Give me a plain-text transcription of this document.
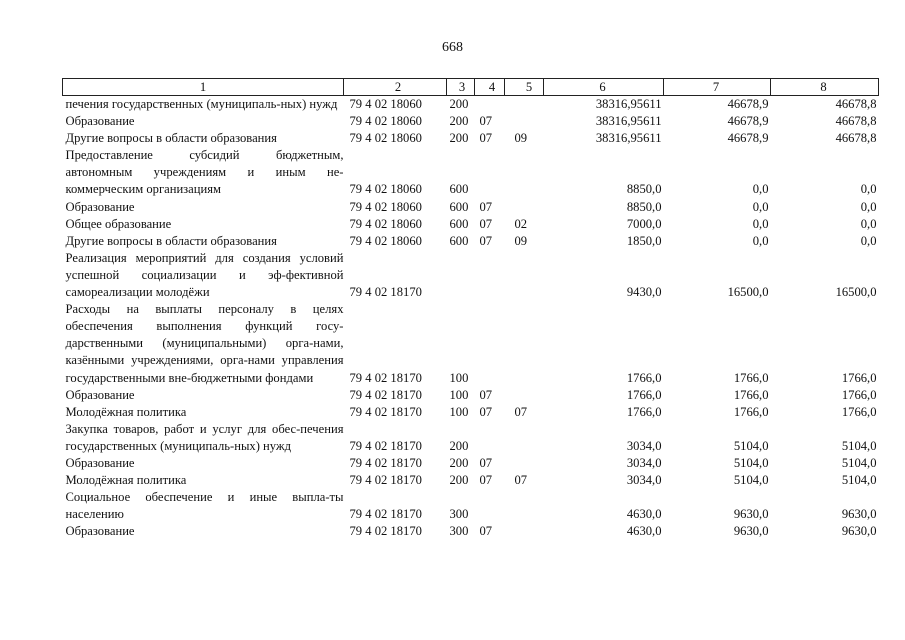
668
1	2	3	4	5	6	7	8

печения государственных (муниципаль-ных) нужд	79 4 02 18060	200			38316,95611	46678,9	46678,8

Образование	79 4 02 18060	200	07		38316,95611	46678,9	46678,8

Другие вопросы в области образования	79 4 02 18060	200	07	09	38316,95611	46678,9	46678,8

Предоставление субсидий бюджетным, автономным учреждениям и иным не-коммерческим организациям	79 4 02 18060	600			8850,0	0,0	0,0

Образование	79 4 02 18060	600	07		8850,0	0,0	0,0

Общее образование	79 4 02 18060	600	07	02	7000,0	0,0	0,0

Другие вопросы в области образования	79 4 02 18060	600	07	09	1850,0	0,0	0,0

Реализация мероприятий для создания условий успешной социализации и эф-фективной самореализации молодёжи	79 4 02 18170				9430,0	16500,0	16500,0

Расходы на выплаты персоналу в целях обеспечения выполнения функций госу-дарственными (муниципальными) орга-нами, казёнными учреждениями, орга-нами управления государственными вне-бюджетными фондами	79 4 02 18170	100			1766,0	1766,0	1766,0

Образование	79 4 02 18170	100	07		1766,0	1766,0	1766,0

Молодёжная политика	79 4 02 18170	100	07	07	1766,0	1766,0	1766,0

Закупка товаров, работ и услуг для обес-печения государственных (муниципаль-ных) нужд	79 4 02 18170	200			3034,0	5104,0	5104,0

Образование	79 4 02 18170	200	07		3034,0	5104,0	5104,0

Молодёжная политика	79 4 02 18170	200	07	07	3034,0	5104,0	5104,0

Социальное обеспечение и иные выпла-ты населению	79 4 02 18170	300			4630,0	9630,0	9630,0

Образование	79 4 02 18170	300	07		4630,0	9630,0	9630,0
